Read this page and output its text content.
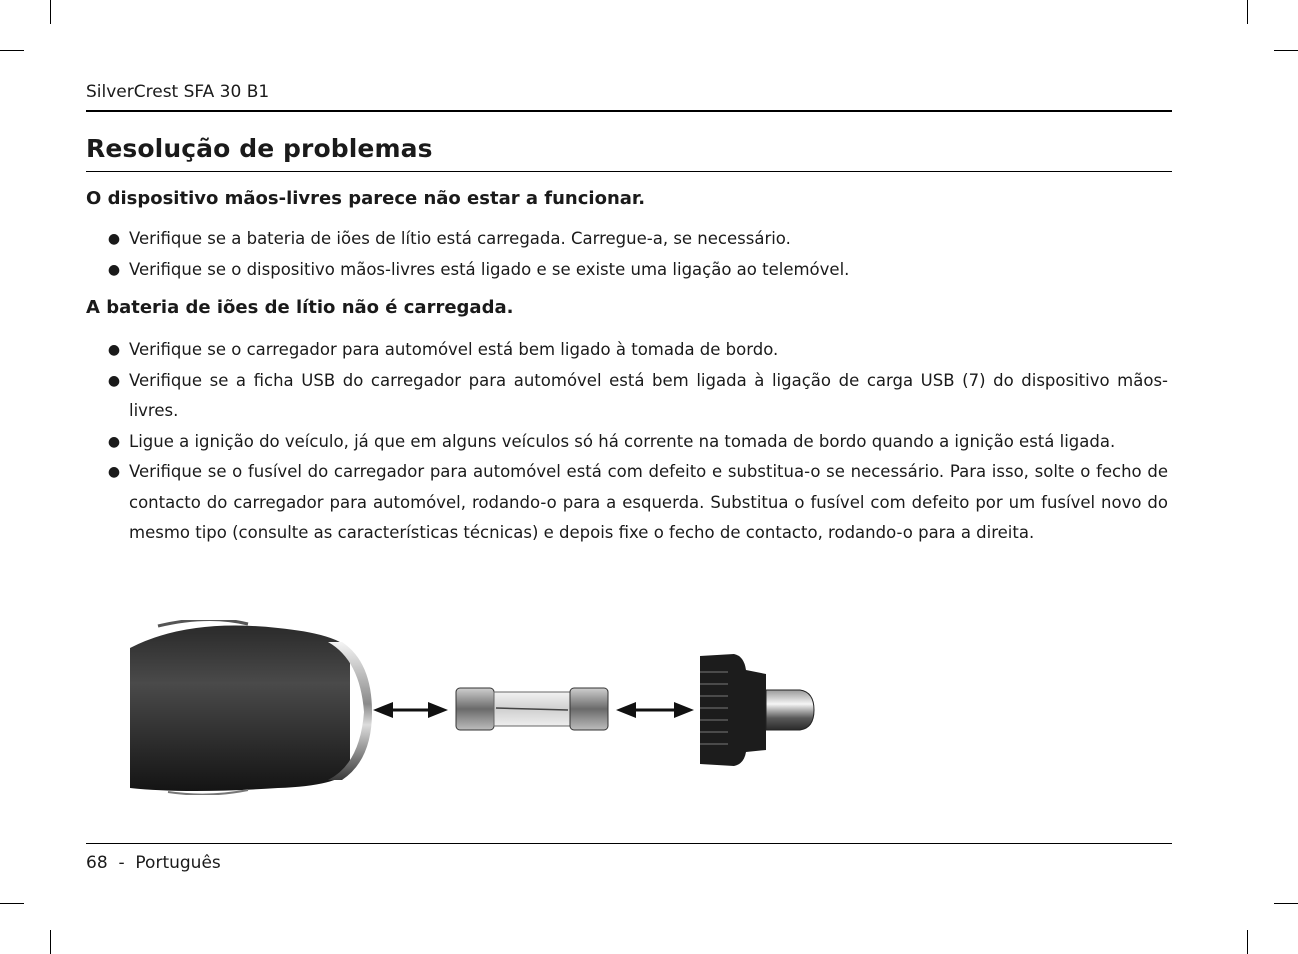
SilverCrest SFA 30 B1
Resolução de problemas
O dispositivo mãos-livres parece não estar a funcionar.
● Verifique se a bateria de iões de lítio está carregada. Carregue-a, se necessário.
● Verifique se o dispositivo mãos-livres está ligado e se existe uma ligação ao telemóvel.
A bateria de iões de lítio não é carregada.
● Verifique se o carregador para automóvel está bem ligado à tomada de bordo.
● Verifique se a ficha USB do carregador para automóvel está bem ligada à ligação de carga USB (7) do dispositivo mãos-livres.
● Ligue a ignição do veículo, já que em alguns veículos só há corrente na tomada de bordo quando a ignição está ligada.
● Verifique se o fusível do carregador para automóvel está com defeito e substitua-o se necessário. Para isso, solte o fecho de contacto do carregador para automóvel, rodando-o para a esquerda. Substitua o fusível com defeito por um fusível novo do mesmo tipo (consulte as características técnicas) e depois fixe o fecho de contacto, rodando-o para a direita.
68 - Português
